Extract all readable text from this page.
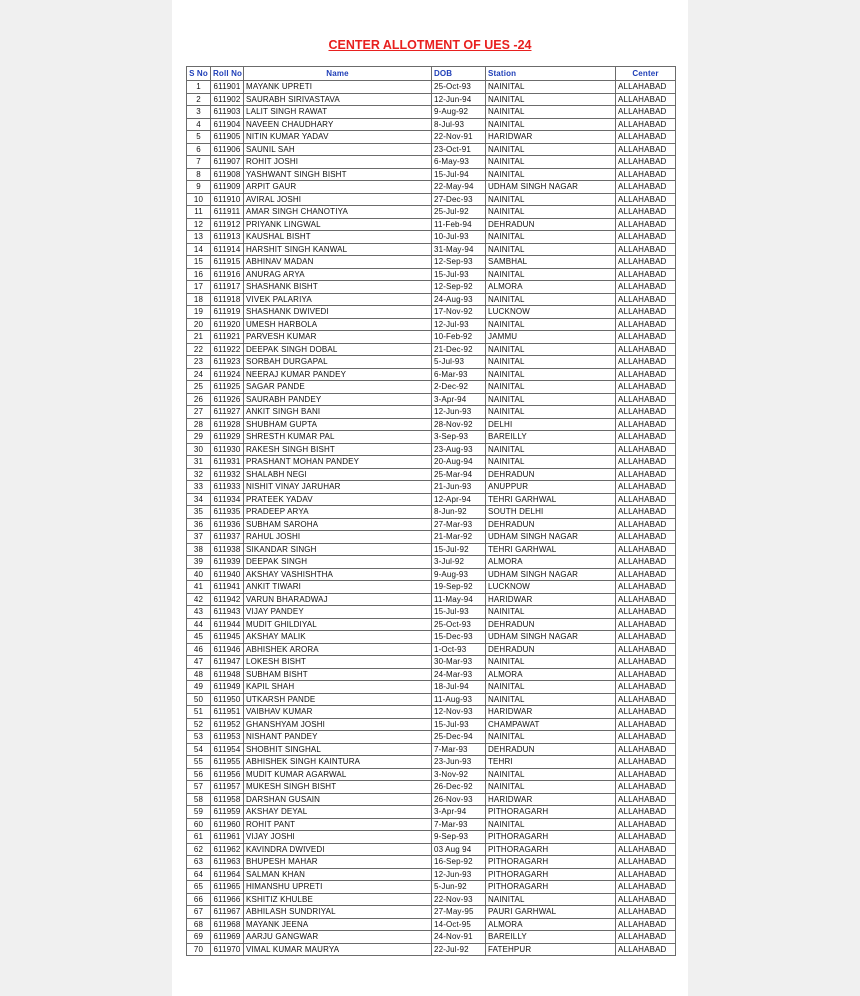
CENTER ALLOTMENT OF UES -24
S No	Roll No	Name	DOB	Station	Center
1	611901	MAYANK UPRETI	25-Oct-93	NAINITAL	ALLAHABAD
2	611902	SAURABH SIRIVASTAVA	12-Jun-94	NAINITAL	ALLAHABAD
3	611903	LALIT SINGH RAWAT	9-Aug-92	NAINITAL	ALLAHABAD
4	611904	NAVEEN CHAUDHARY	8-Jul-93	NAINITAL	ALLAHABAD
5	611905	NITIN KUMAR YADAV	22-Nov-91	HARIDWAR	ALLAHABAD
6	611906	SAUNIL SAH	23-Oct-91	NAINITAL	ALLAHABAD
7	611907	ROHIT JOSHI	6-May-93	NAINITAL	ALLAHABAD
8	611908	YASHWANT SINGH BISHT	15-Jul-94	NAINITAL	ALLAHABAD
9	611909	ARPIT GAUR	22-May-94	UDHAM SINGH NAGAR	ALLAHABAD
10	611910	AVIRAL JOSHI	27-Dec-93	NAINITAL	ALLAHABAD
11	611911	AMAR SINGH CHANOTIYA	25-Jul-92	NAINITAL	ALLAHABAD
12	611912	PRIYANK LINGWAL	11-Feb-94	DEHRADUN	ALLAHABAD
13	611913	KAUSHAL BISHT	10-Jul-93	NAINITAL	ALLAHABAD
14	611914	HARSHIT SINGH KANWAL	31-May-94	NAINITAL	ALLAHABAD
15	611915	ABHINAV MADAN	12-Sep-93	SAMBHAL	ALLAHABAD
16	611916	ANURAG ARYA	15-Jul-93	NAINITAL	ALLAHABAD
17	611917	SHASHANK BISHT	12-Sep-92	ALMORA	ALLAHABAD
18	611918	VIVEK PALARIYA	24-Aug-93	NAINITAL	ALLAHABAD
19	611919	SHASHANK DWIVEDI	17-Nov-92	LUCKNOW	ALLAHABAD
20	611920	UMESH HARBOLA	12-Jul-93	NAINITAL	ALLAHABAD
21	611921	PARVESH KUMAR	10-Feb-92	JAMMU	ALLAHABAD
22	611922	DEEPAK SINGH DOBAL	21-Dec-92	NAINITAL	ALLAHABAD
23	611923	SORBAH DURGAPAL	5-Jul-93	NAINITAL	ALLAHABAD
24	611924	NEERAJ KUMAR PANDEY	6-Mar-93	NAINITAL	ALLAHABAD
25	611925	SAGAR PANDE	2-Dec-92	NAINITAL	ALLAHABAD
26	611926	SAURABH PANDEY	3-Apr-94	NAINITAL	ALLAHABAD
27	611927	ANKIT SINGH BANI	12-Jun-93	NAINITAL	ALLAHABAD
28	611928	SHUBHAM GUPTA	28-Nov-92	DELHI	ALLAHABAD
29	611929	SHRESTH KUMAR PAL	3-Sep-93	BAREILLY	ALLAHABAD
30	611930	RAKESH SINGH BISHT	23-Aug-93	NAINITAL	ALLAHABAD
31	611931	PRASHANT MOHAN PANDEY	20-Aug-94	NAINITAL	ALLAHABAD
32	611932	SHALABH NEGI	25-Mar-94	DEHRADUN	ALLAHABAD
33	611933	NISHIT VINAY JARUHAR	21-Jun-93	ANUPPUR	ALLAHABAD
34	611934	PRATEEK YADAV	12-Apr-94	TEHRI GARHWAL	ALLAHABAD
35	611935	PRADEEP ARYA	8-Jun-92	SOUTH DELHI	ALLAHABAD
36	611936	SUBHAM SAROHA	27-Mar-93	DEHRADUN	ALLAHABAD
37	611937	RAHUL JOSHI	21-Mar-92	UDHAM SINGH NAGAR	ALLAHABAD
38	611938	SIKANDAR SINGH	15-Jul-92	TEHRI GARHWAL	ALLAHABAD
39	611939	DEEPAK SINGH	3-Jul-92	ALMORA	ALLAHABAD
40	611940	AKSHAY VASHISHTHA	9-Aug-93	UDHAM SINGH NAGAR	ALLAHABAD
41	611941	ANKIT TIWARI	19-Sep-92	LUCKNOW	ALLAHABAD
42	611942	VARUN BHARADWAJ	11-May-94	HARIDWAR	ALLAHABAD
43	611943	VIJAY PANDEY	15-Jul-93	NAINITAL	ALLAHABAD
44	611944	MUDIT GHILDIYAL	25-Oct-93	DEHRADUN	ALLAHABAD
45	611945	AKSHAY MALIK	15-Dec-93	UDHAM SINGH NAGAR	ALLAHABAD
46	611946	ABHISHEK ARORA	1-Oct-93	DEHRADUN	ALLAHABAD
47	611947	LOKESH BISHT	30-Mar-93	NAINITAL	ALLAHABAD
48	611948	SUBHAM BISHT	24-Mar-93	ALMORA	ALLAHABAD
49	611949	KAPIL SHAH	18-Jul-94	NAINITAL	ALLAHABAD
50	611950	UTKARSH PANDE	11-Aug-93	NAINITAL	ALLAHABAD
51	611951	VAIBHAV KUMAR	12-Nov-93	HARIDWAR	ALLAHABAD
52	611952	GHANSHYAM JOSHI	15-Jul-93	CHAMPAWAT	ALLAHABAD
53	611953	NISHANT PANDEY	25-Dec-94	NAINITAL	ALLAHABAD
54	611954	SHOBHIT SINGHAL	7-Mar-93	DEHRADUN	ALLAHABAD
55	611955	ABHISHEK SINGH KAINTURA	23-Jun-93	TEHRI	ALLAHABAD
56	611956	MUDIT KUMAR AGARWAL	3-Nov-92	NAINITAL	ALLAHABAD
57	611957	MUKESH SINGH BISHT	26-Dec-92	NAINITAL	ALLAHABAD
58	611958	DARSHAN GUSAIN	26-Nov-93	HARIDWAR	ALLAHABAD
59	611959	AKSHAY DEYAL	3-Apr-94	PITHORAGARH	ALLAHABAD
60	611960	ROHIT PANT	7-Mar-93	NAINITAL	ALLAHABAD
61	611961	VIJAY JOSHI	9-Sep-93	PITHORAGARH	ALLAHABAD
62	611962	KAVINDRA DWIVEDI	03 Aug 94	PITHORAGARH	ALLAHABAD
63	611963	BHUPESH MAHAR	16-Sep-92	PITHORAGARH	ALLAHABAD
64	611964	SALMAN KHAN	12-Jun-93	PITHORAGARH	ALLAHABAD
65	611965	HIMANSHU UPRETI	5-Jun-92	PITHORAGARH	ALLAHABAD
66	611966	KSHITIZ KHULBE	22-Nov-93	NAINITAL	ALLAHABAD
67	611967	ABHILASH SUNDRIYAL	27-May-95	PAURI GARHWAL	ALLAHABAD
68	611968	MAYANK JEENA	14-Oct-95	ALMORA	ALLAHABAD
69	611969	AARJU GANGWAR	24-Nov-91	BAREILLY	ALLAHABAD
70	611970	VIMAL KUMAR MAURYA	22-Jul-92	FATEHPUR	ALLAHABAD
